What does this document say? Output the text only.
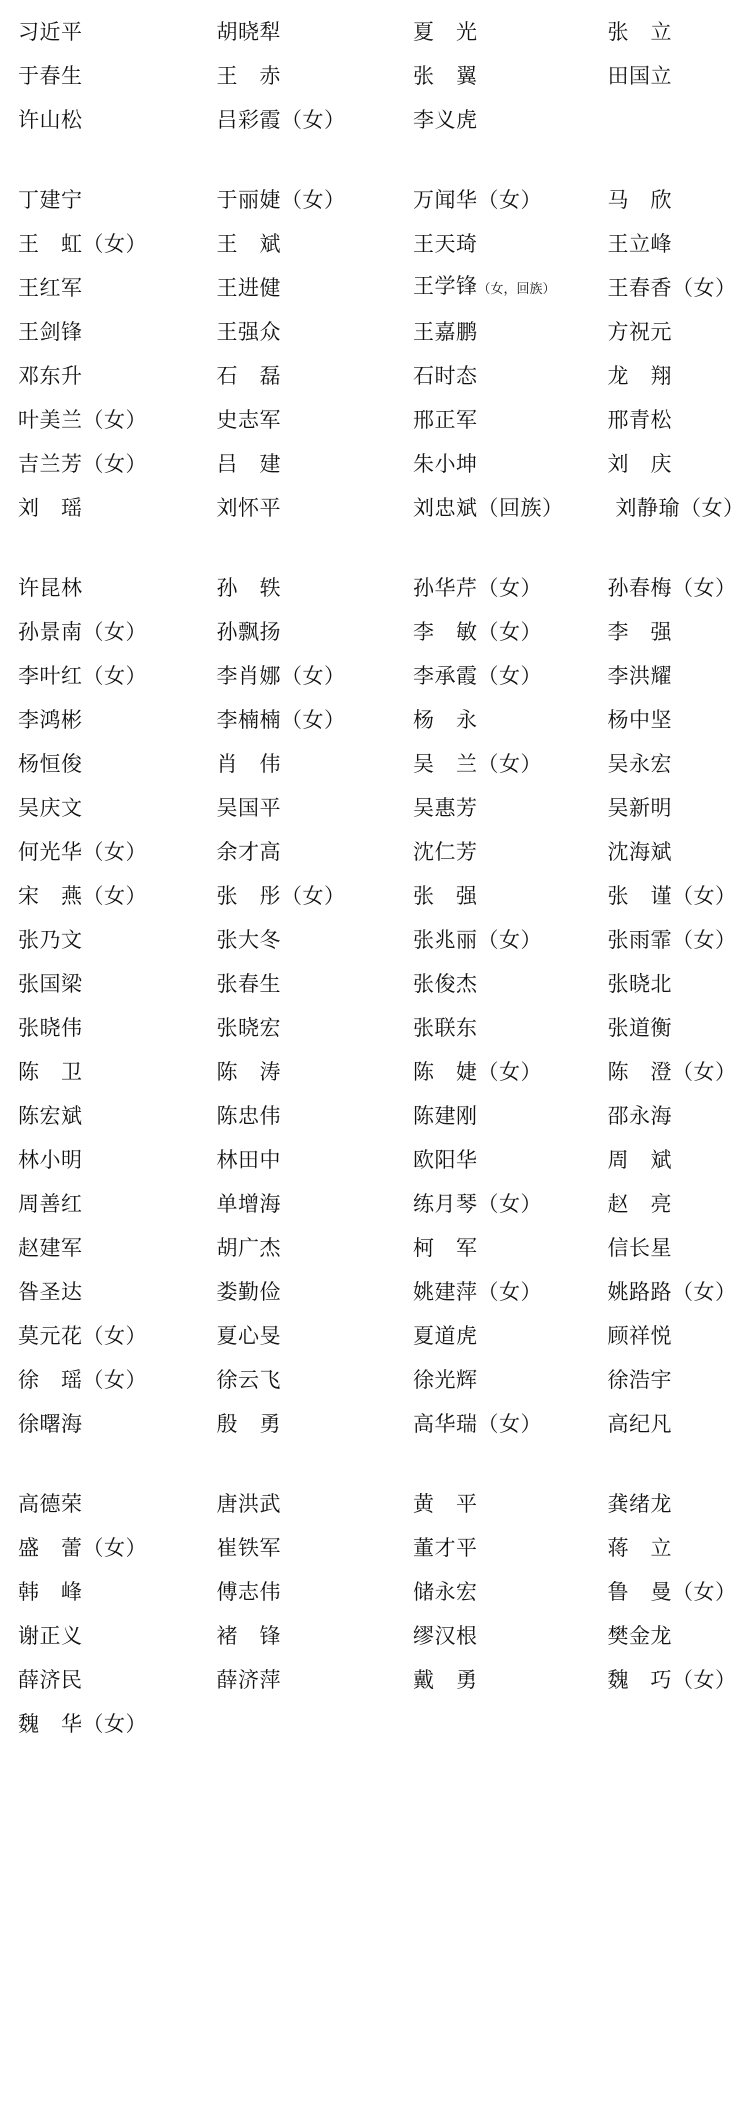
习近平	胡晓犁	夏　光	张　立
于春生	王　赤	张　翼	田国立
许山松	吕彩霞（女）	李义虎
丁建宁	于丽婕（女）	万闻华（女）	马　欣
王　虹（女）	王　斌	王天琦	王立峰
王红军	王进健	王学锋（女，回族）	王春香（女）
王剑锋	王强众	王嘉鹏	方祝元
邓东升	石　磊	石时态	龙　翔
叶美兰（女）	史志军	邢正军	邢青松
吉兰芳（女）	吕　建	朱小坤	刘　庆
刘　瑶	刘怀平	刘忠斌（回族）	刘静瑜（女）
许昆林	孙　轶	孙华芹（女）	孙春梅（女）
孙景南（女）	孙飘扬	李　敏（女）	李　强
李叶红（女）	李肖娜（女）	李承霞（女）	李洪耀
李鸿彬	李楠楠（女）	杨　永	杨中坚
杨恒俊	肖　伟	吴　兰（女）	吴永宏
吴庆文	吴国平	吴惠芳	吴新明
何光华（女）	余才高	沈仁芳	沈海斌
宋　燕（女）	张　彤（女）	张　强	张　谨（女）
张乃文	张大冬	张兆丽（女）	张雨霏（女）
张国梁	张春生	张俊杰	张晓北
张晓伟	张晓宏	张联东	张道衡
陈　卫	陈　涛	陈　婕（女）	陈　澄（女）
陈宏斌	陈忠伟	陈建刚	邵永海
林小明	林田中	欧阳华	周　斌
周善红	单增海	练月琴（女）	赵　亮
赵建军	胡广杰	柯　军	信长星
昝圣达	娄勤俭	姚建萍（女）	姚路路（女）
莫元花（女）	夏心旻	夏道虎	顾祥悦
徐　瑶（女）	徐云飞	徐光辉	徐浩宇
徐曙海	殷　勇	高华瑞（女）	高纪凡
高德荣	唐洪武	黄　平	龚绪龙
盛　蕾（女）	崔铁军	董才平	蒋　立
韩　峰	傅志伟	储永宏	鲁　曼（女）
谢正义	褚　锋	缪汉根	樊金龙
薛济民	薛济萍	戴　勇	魏　巧（女）
魏　华（女）
